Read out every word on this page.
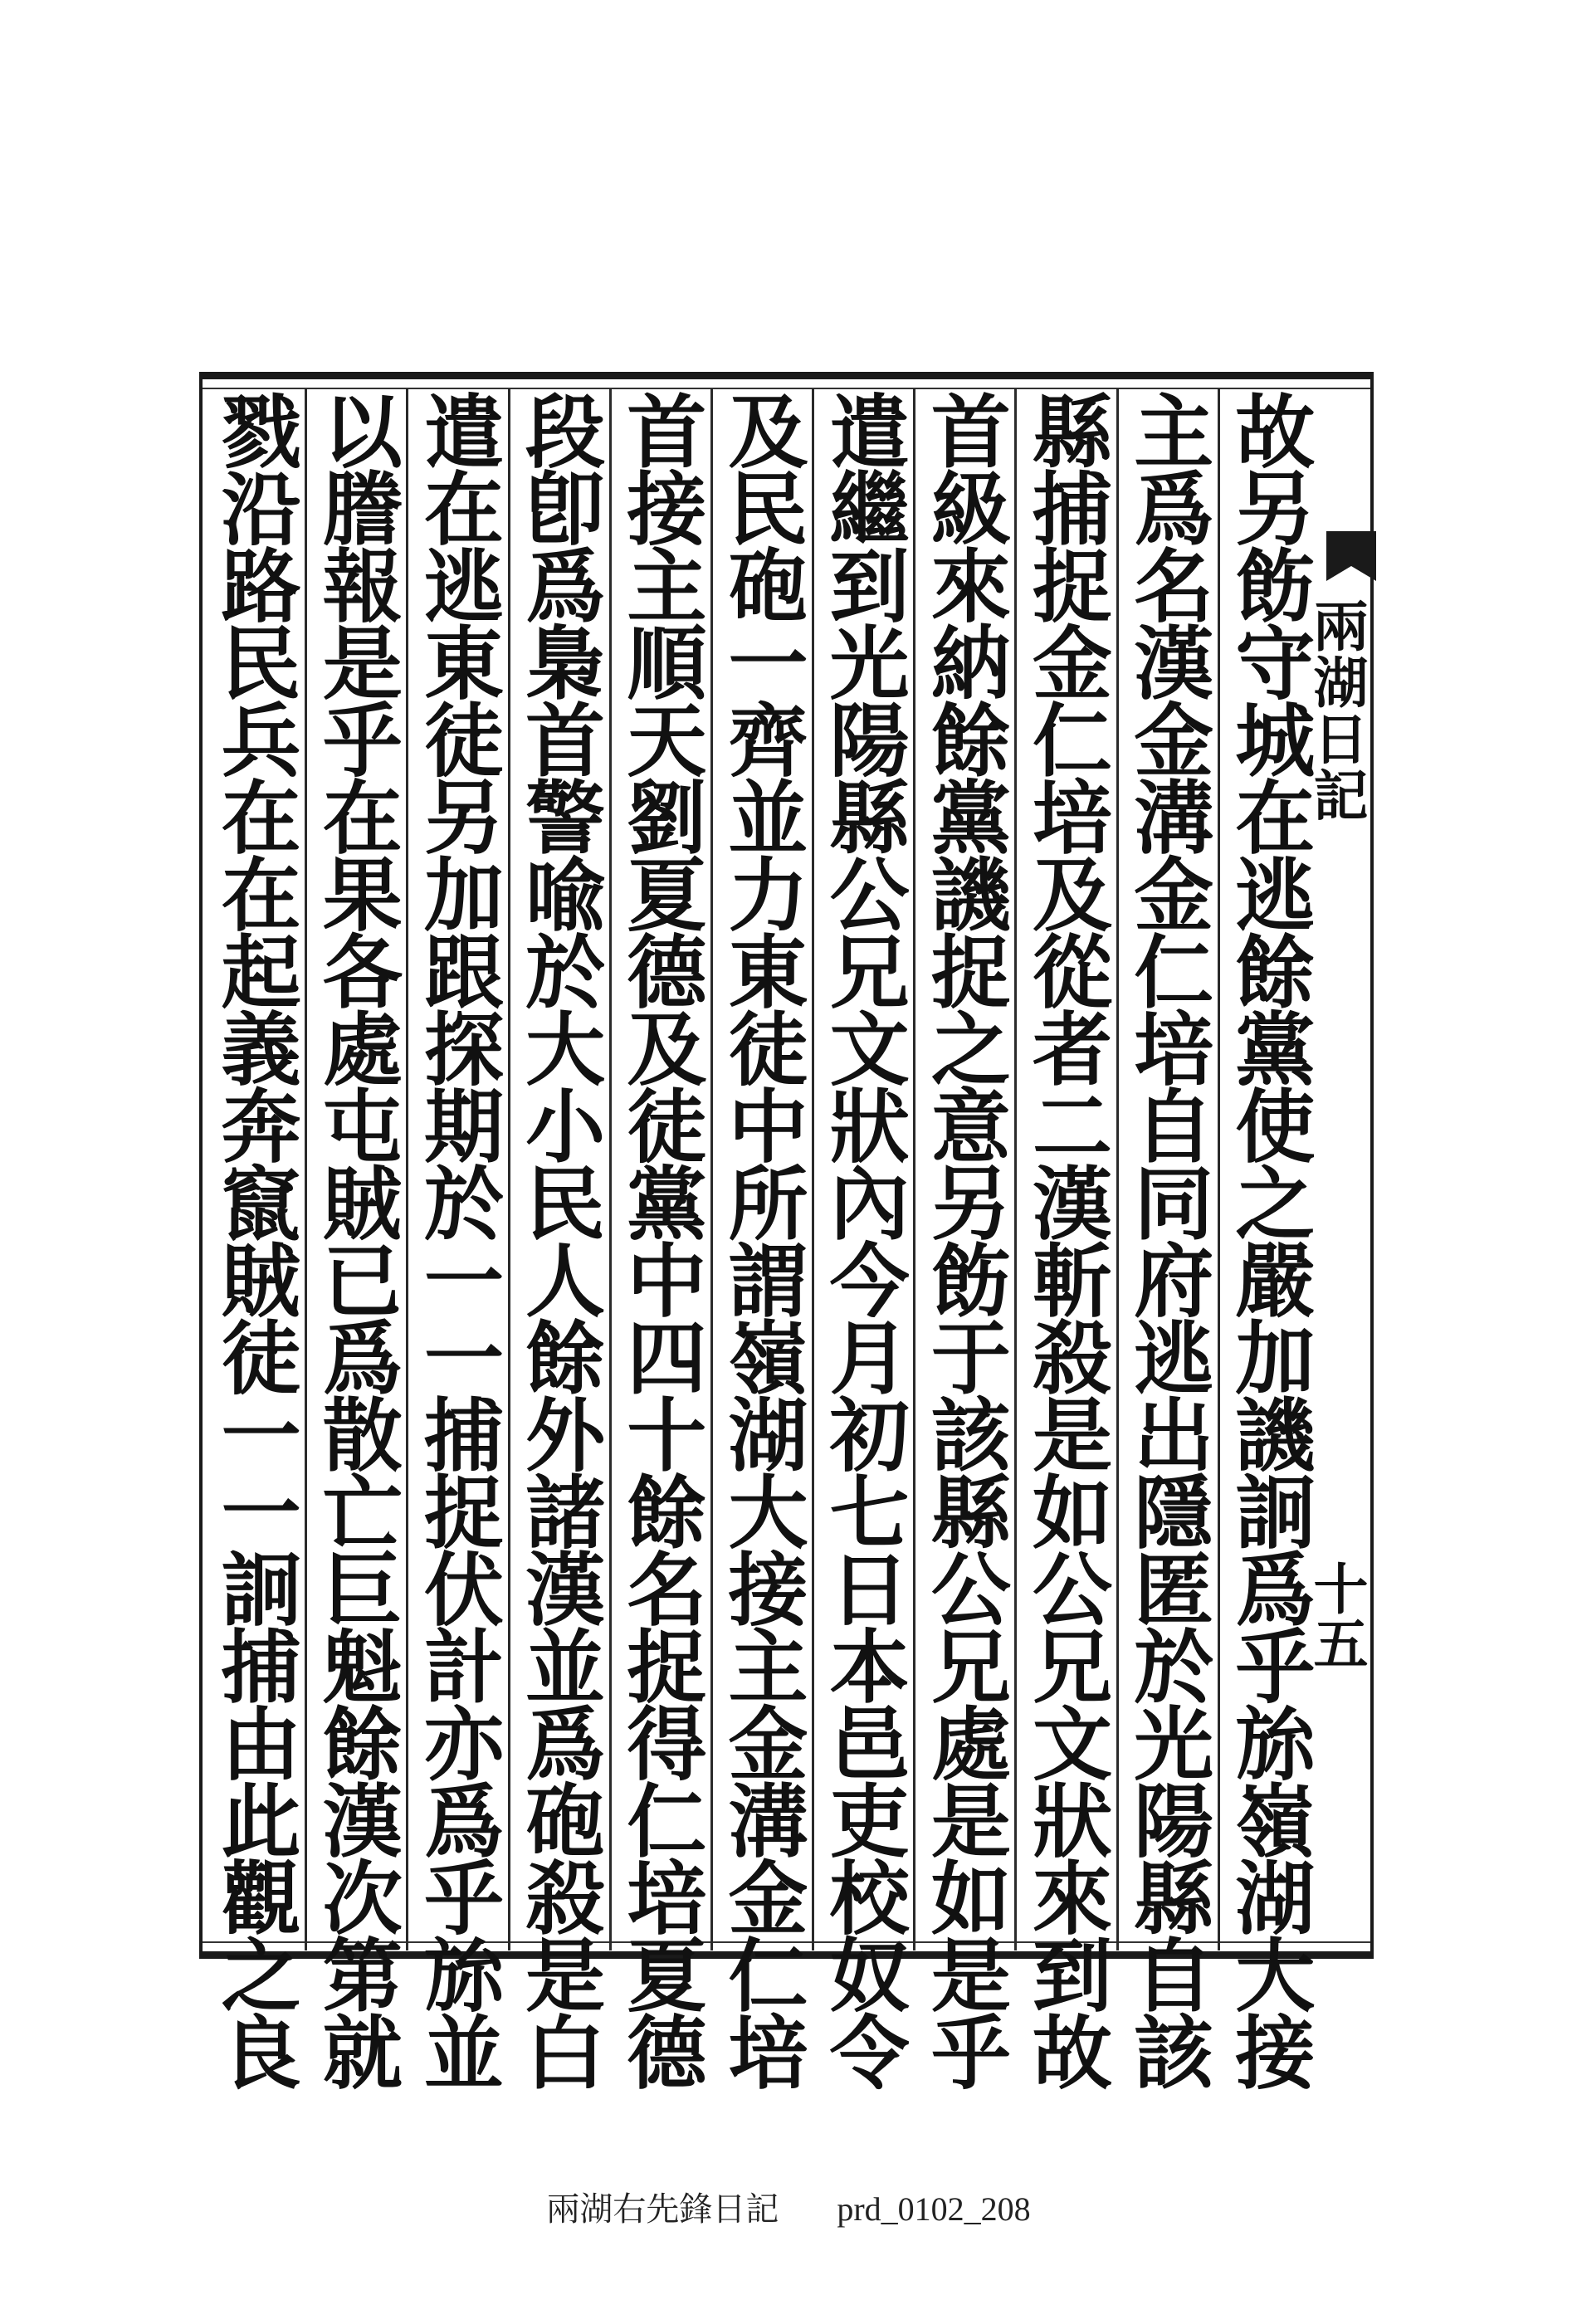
兩湖日記
十五
故另飭守城在逃餘黨使之嚴加譏詗爲乎旀嶺湖大接
主爲名漢金溝金仁培自同府逃出隱匿於光陽縣自該
縣捕捉金仁培及從者二漢斬殺是如公兄文狀來到故
首級來納餘黨譏捉之意另飭于該縣公兄處是如是乎
遣繼到光陽縣公兄文狀內今月初七日本邑吏校奴令
及民砲一齊並力東徒中所謂嶺湖大接主金溝金仁培
首接主順天劉夏德及徒黨中四十餘名捉得仁培夏德
段卽爲梟首警喩於大小民人餘外諸漢並爲砲殺是白
遣在逃東徒另加跟探期於一一捕捉伏計亦爲乎旀並
以謄報是乎在果各處屯賊已爲散亡巨魁餘漢次第就
兩湖右先鋒日記 prd_0102_208
戮沿路民兵在在起義奔竄賊徒一一詗捕由此觀之良
